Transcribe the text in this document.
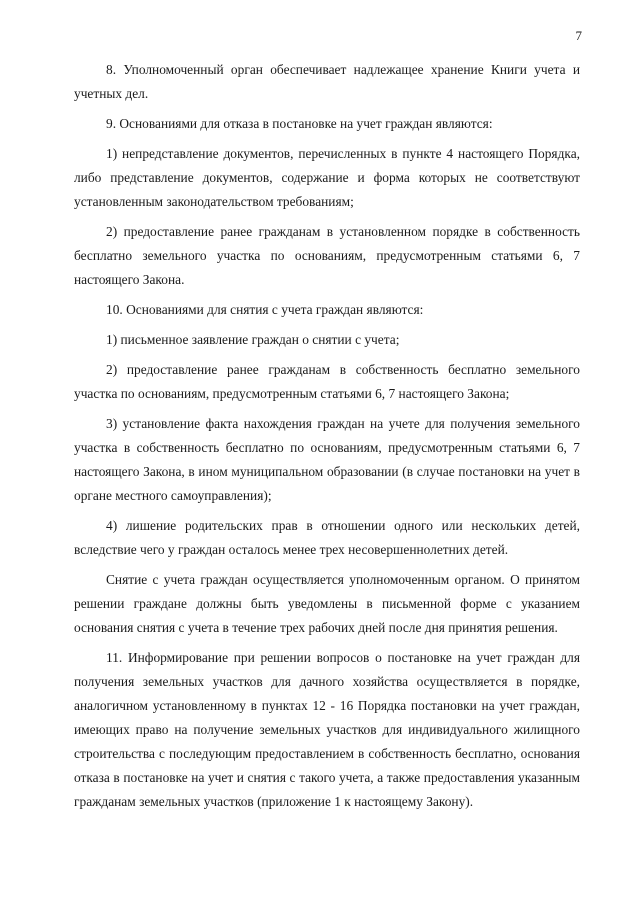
7

8. Уполномоченный орган обеспечивает надлежащее хранение Книги учета и учетных дел.

9. Основаниями для отказа в постановке на учет граждан являются:

1) непредставление документов, перечисленных в пункте 4 настоящего Порядка, либо представление документов, содержание и форма которых не соответствуют установленным законодательством требованиям;

2) предоставление ранее гражданам в установленном порядке в собственность бесплатно земельного участка по основаниям, предусмотренным статьями 6, 7 настоящего Закона.

10. Основаниями для снятия с учета граждан являются:

1) письменное заявление граждан о снятии с учета;

2) предоставление ранее гражданам в собственность бесплатно земельного участка по основаниям, предусмотренным статьями 6, 7 настоящего Закона;

3) установление факта нахождения граждан на учете для получения земельного участка в собственность бесплатно по основаниям, предусмотренным статьями 6, 7 настоящего Закона, в ином муниципальном образовании (в случае постановки на учет в органе местного самоуправления);

4) лишение родительских прав в отношении одного или нескольких детей, вследствие чего у граждан осталось менее трех несовершеннолетних детей.

Снятие с учета граждан осуществляется уполномоченным органом. О принятом решении граждане должны быть уведомлены в письменной форме с указанием основания снятия с учета в течение трех рабочих дней после дня принятия решения.

11. Информирование при решении вопросов о постановке на учет граждан для получения земельных участков для дачного хозяйства осуществляется в порядке, аналогичном установленному в пунктах 12 - 16 Порядка постановки на учет граждан, имеющих право на получение земельных участков для индивидуального жилищного строительства с последующим предоставлением в собственность бесплатно, основания отказа в постановке на учет и снятия с такого учета, а также предоставления указанным гражданам земельных участков (приложение 1 к настоящему Закону).
